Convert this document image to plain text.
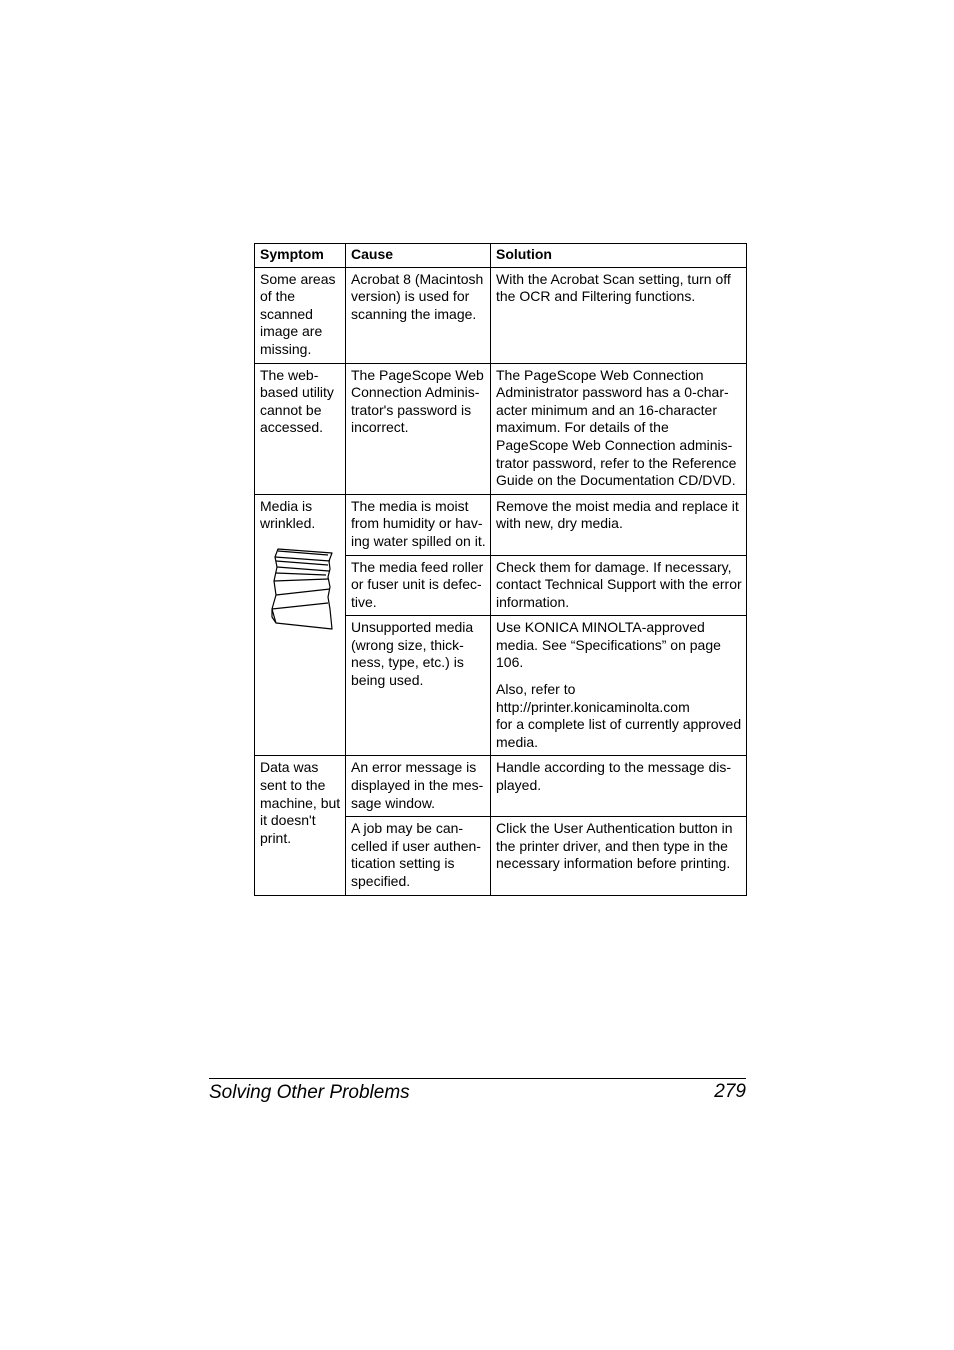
Symptom	Cause	Solution
Some areas of the scanned image are missing.	Acrobat 8 (Macintosh version) is used for scanning the image.	With the Acrobat Scan setting, turn off the OCR and Filtering functions.
The web-based utility cannot be accessed.	The PageScope Web Connection Adminis-trator's password is incorrect.	The PageScope Web Connection Administrator password has a 0-char-acter minimum and an 16-character maximum. For details of the PageScope Web Connection adminis-trator password, refer to the Reference Guide on the Documentation CD/DVD.

Media is wrinkled.	The media is moist from humidity or hav-ing water spilled on it.	Remove the moist media and replace it with new, dry media.
	The media feed roller or fuser unit is defec-tive.	Check them for damage. If necessary, contact Technical Support with the error information.
	Unsupported media (wrong size, thick-ness, type, etc.) is being used.	Use KONICA MINOLTA-approved media. See “Specifications” on page 106.

Also, refer to
http://printer.konicaminolta.com
for a complete list of currently approved media.

Data was sent to the machine, but it doesn't print.	An error message is displayed in the mes-sage window.	Handle according to the message dis-played.
	A job may be can-celled if user authen-tication setting is specified.	Click the User Authentication button in the printer driver, and then type in the necessary information before printing.
Solving Other Problems	279
